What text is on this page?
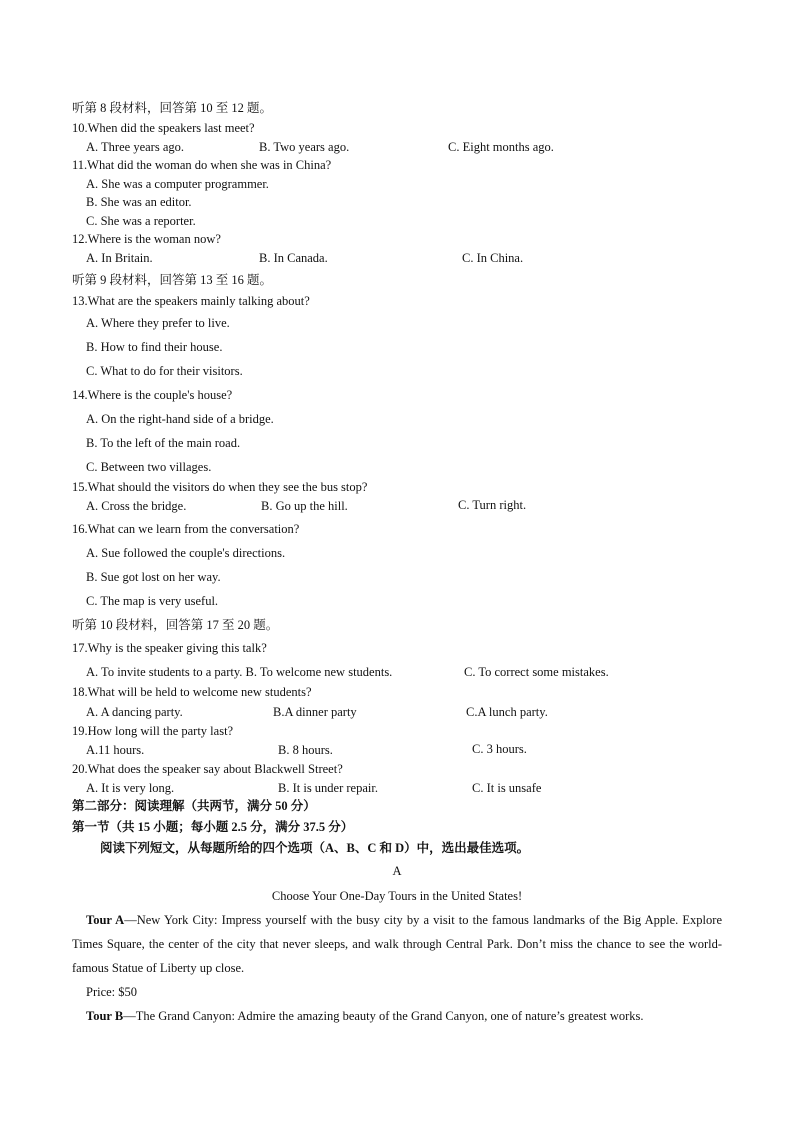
听第 8 段材料，回答第 10 至 12 题。
10.When did the speakers last meet?
A. Three years ago.	B. Two years ago.	C. Eight months ago.
11.What did the woman do when she was in China?
A. She was a computer programmer.
B. She was an editor.
C. She was a reporter.
12.Where is the woman now?
A. In Britain.	B. In Canada.	C. In China.
听第 9 段材料，回答第 13 至 16 题。
13.What are the speakers mainly talking about?
A. Where they prefer to live.
B. How to find their house.
C. What to do for their visitors.
14.Where is the couple's house?
A. On the right-hand side of a bridge.
B. To the left of the main road.
C. Between two villages.
15.What should the visitors do when they see the bus stop?
A. Cross the bridge.	B. Go up the hill.	C. Turn right.
16.What can we learn from the conversation?
A. Sue followed the couple's directions.
B. Sue got lost on her way.
C. The map is very useful.
听第 10 段材料，回答第 17 至 20 题。
17.Why is the speaker giving this talk?
A. To invite students to a party. B. To welcome new students.	C. To correct some mistakes.
18.What will be held to welcome new students?
A. A dancing party.	B.A dinner party	C.A lunch party.
19.How long will the party last?
A.11 hours.	B. 8 hours.	C. 3 hours.
20.What does the speaker say about Blackwell Street?
A. It is very long.	B. It is under repair.	C. It is unsafe
第二部分：阅读理解（共两节，满分 50 分）
第一节（共 15 小题；每小题 2.5 分，满分 37.5 分）
阅读下列短文，从每题所给的四个选项（A、B、C 和 D）中，选出最佳选项。
A
Choose Your One-Day Tours in the United States!
Tour A—New York City: Impress yourself with the busy city by a visit to the famous landmarks of the Big Apple. Explore Times Square, the center of the city that never sleeps, and walk through Central Park. Don’t miss the chance to see the world-famous Statue of Liberty up close.
Price: $50
Tour B—The Grand Canyon: Admire the amazing beauty of the Grand Canyon, one of nature’s greatest works.
